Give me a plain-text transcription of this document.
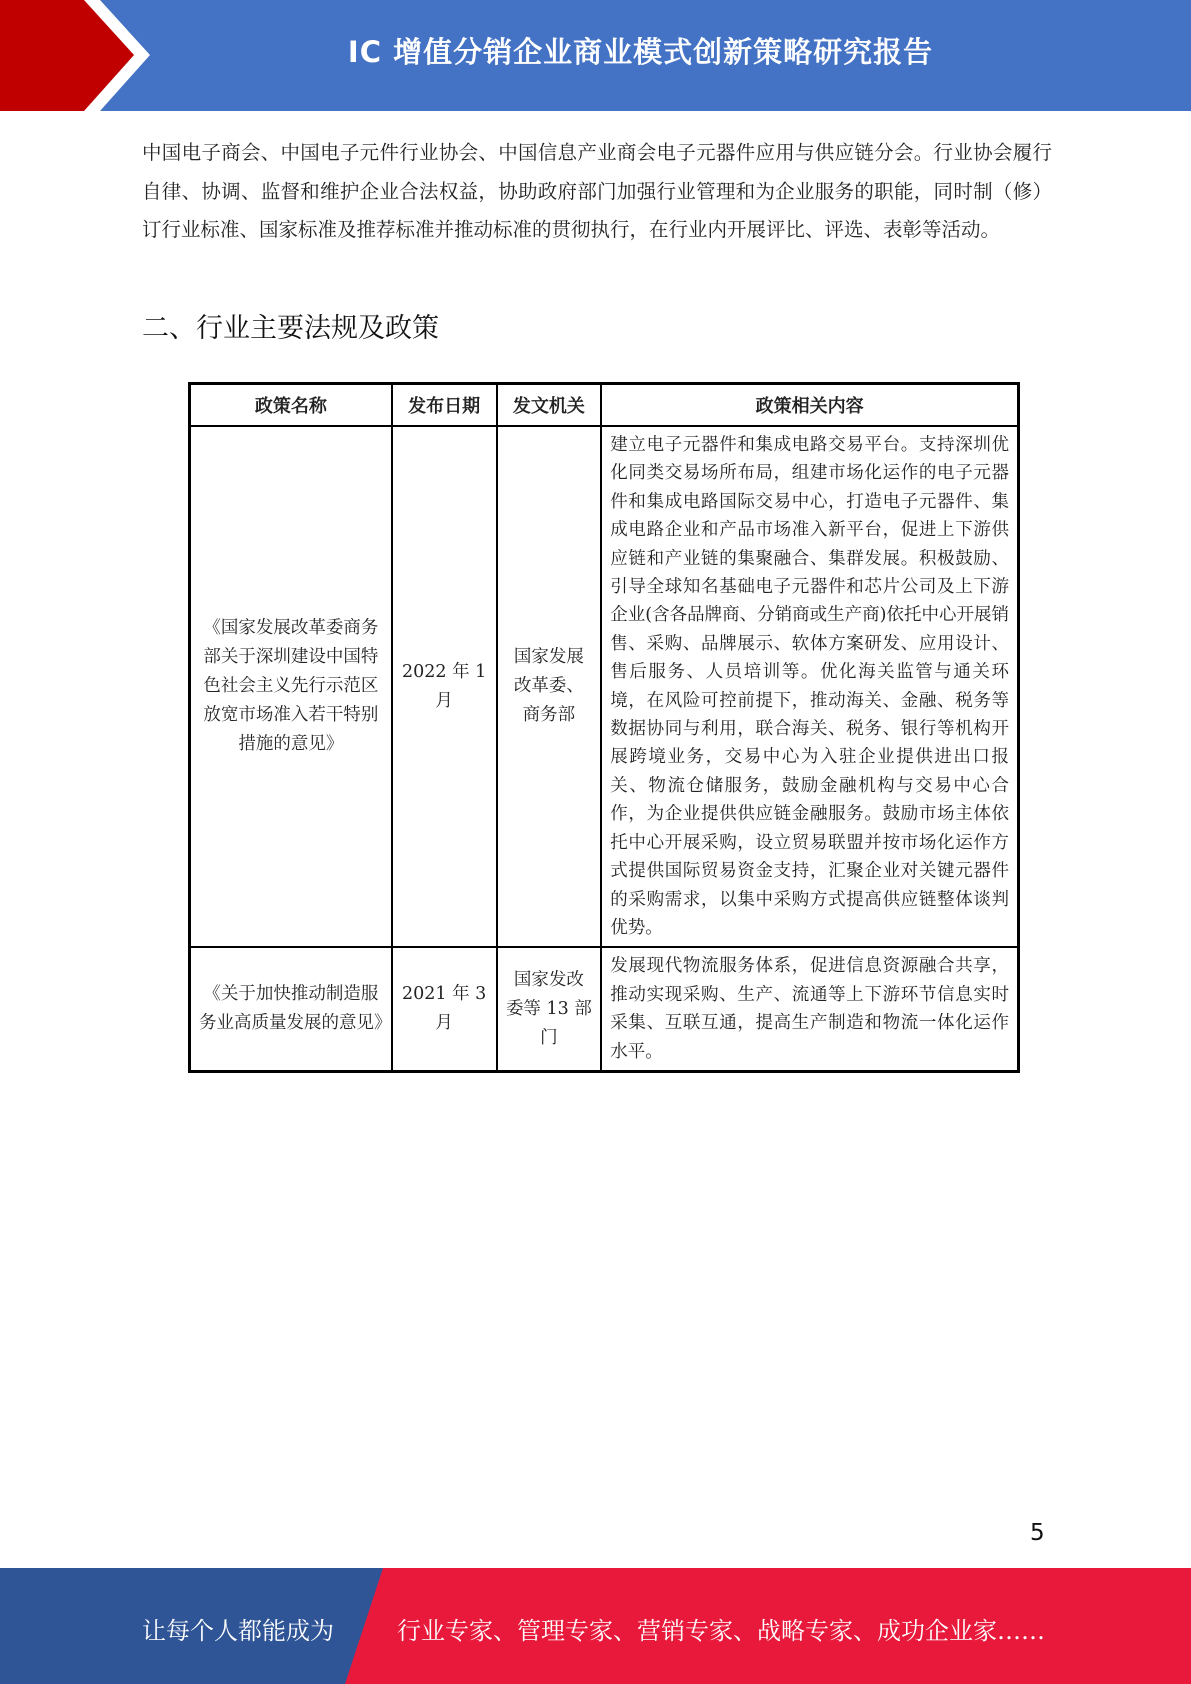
IC 增值分销企业商业模式创新策略研究报告
中国电子商会、中国电子元件行业协会、中国信息产业商会电子元器件应用与供应链分会。行业协会履行自律、协调、监督和维护企业合法权益，协助政府部门加强行业管理和为企业服务的职能，同时制（修）订行业标准、国家标准及推荐标准并推动标准的贯彻执行，在行业内开展评比、评选、表彰等活动。
二、行业主要法规及政策
政策名称	发布日期	发文机关	政策相关内容
《国家发展改革委商务部关于深圳建设中国特色社会主义先行示范区放宽市场准入若干特别措施的意见》	2022 年 1 月	国家发展改革委、商务部	建立电子元器件和集成电路交易平台。支持深圳优化同类交易场所布局，组建市场化运作的电子元器件和集成电路国际交易中心，打造电子元器件、集成电路企业和产品市场准入新平台，促进上下游供应链和产业链的集聚融合、集群发展。积极鼓励、引导全球知名基础电子元器件和芯片公司及上下游企业(含各品牌商、分销商或生产商)依托中心开展销售、采购、品牌展示、软体方案研发、应用设计、售后服务、人员培训等。优化海关监管与通关环境，在风险可控前提下，推动海关、金融、税务等数据协同与利用，联合海关、税务、银行等机构开展跨境业务，交易中心为入驻企业提供进出口报关、物流仓储服务，鼓励金融机构与交易中心合作，为企业提供供应链金融服务。鼓励市场主体依托中心开展采购，设立贸易联盟并按市场化运作方式提供国际贸易资金支持，汇聚企业对关键元器件的采购需求，以集中采购方式提高供应链整体谈判优势。
《关于加快推动制造服务业高质量发展的意见》	2021 年 3 月	国家发改委等 13 部门	发展现代物流服务体系，促进信息资源融合共享，推动实现采购、生产、流通等上下游环节信息实时采集、互联互通，提高生产制造和物流一体化运作水平。
5
让每个人都能成为	行业专家、管理专家、营销专家、战略专家、成功企业家……
